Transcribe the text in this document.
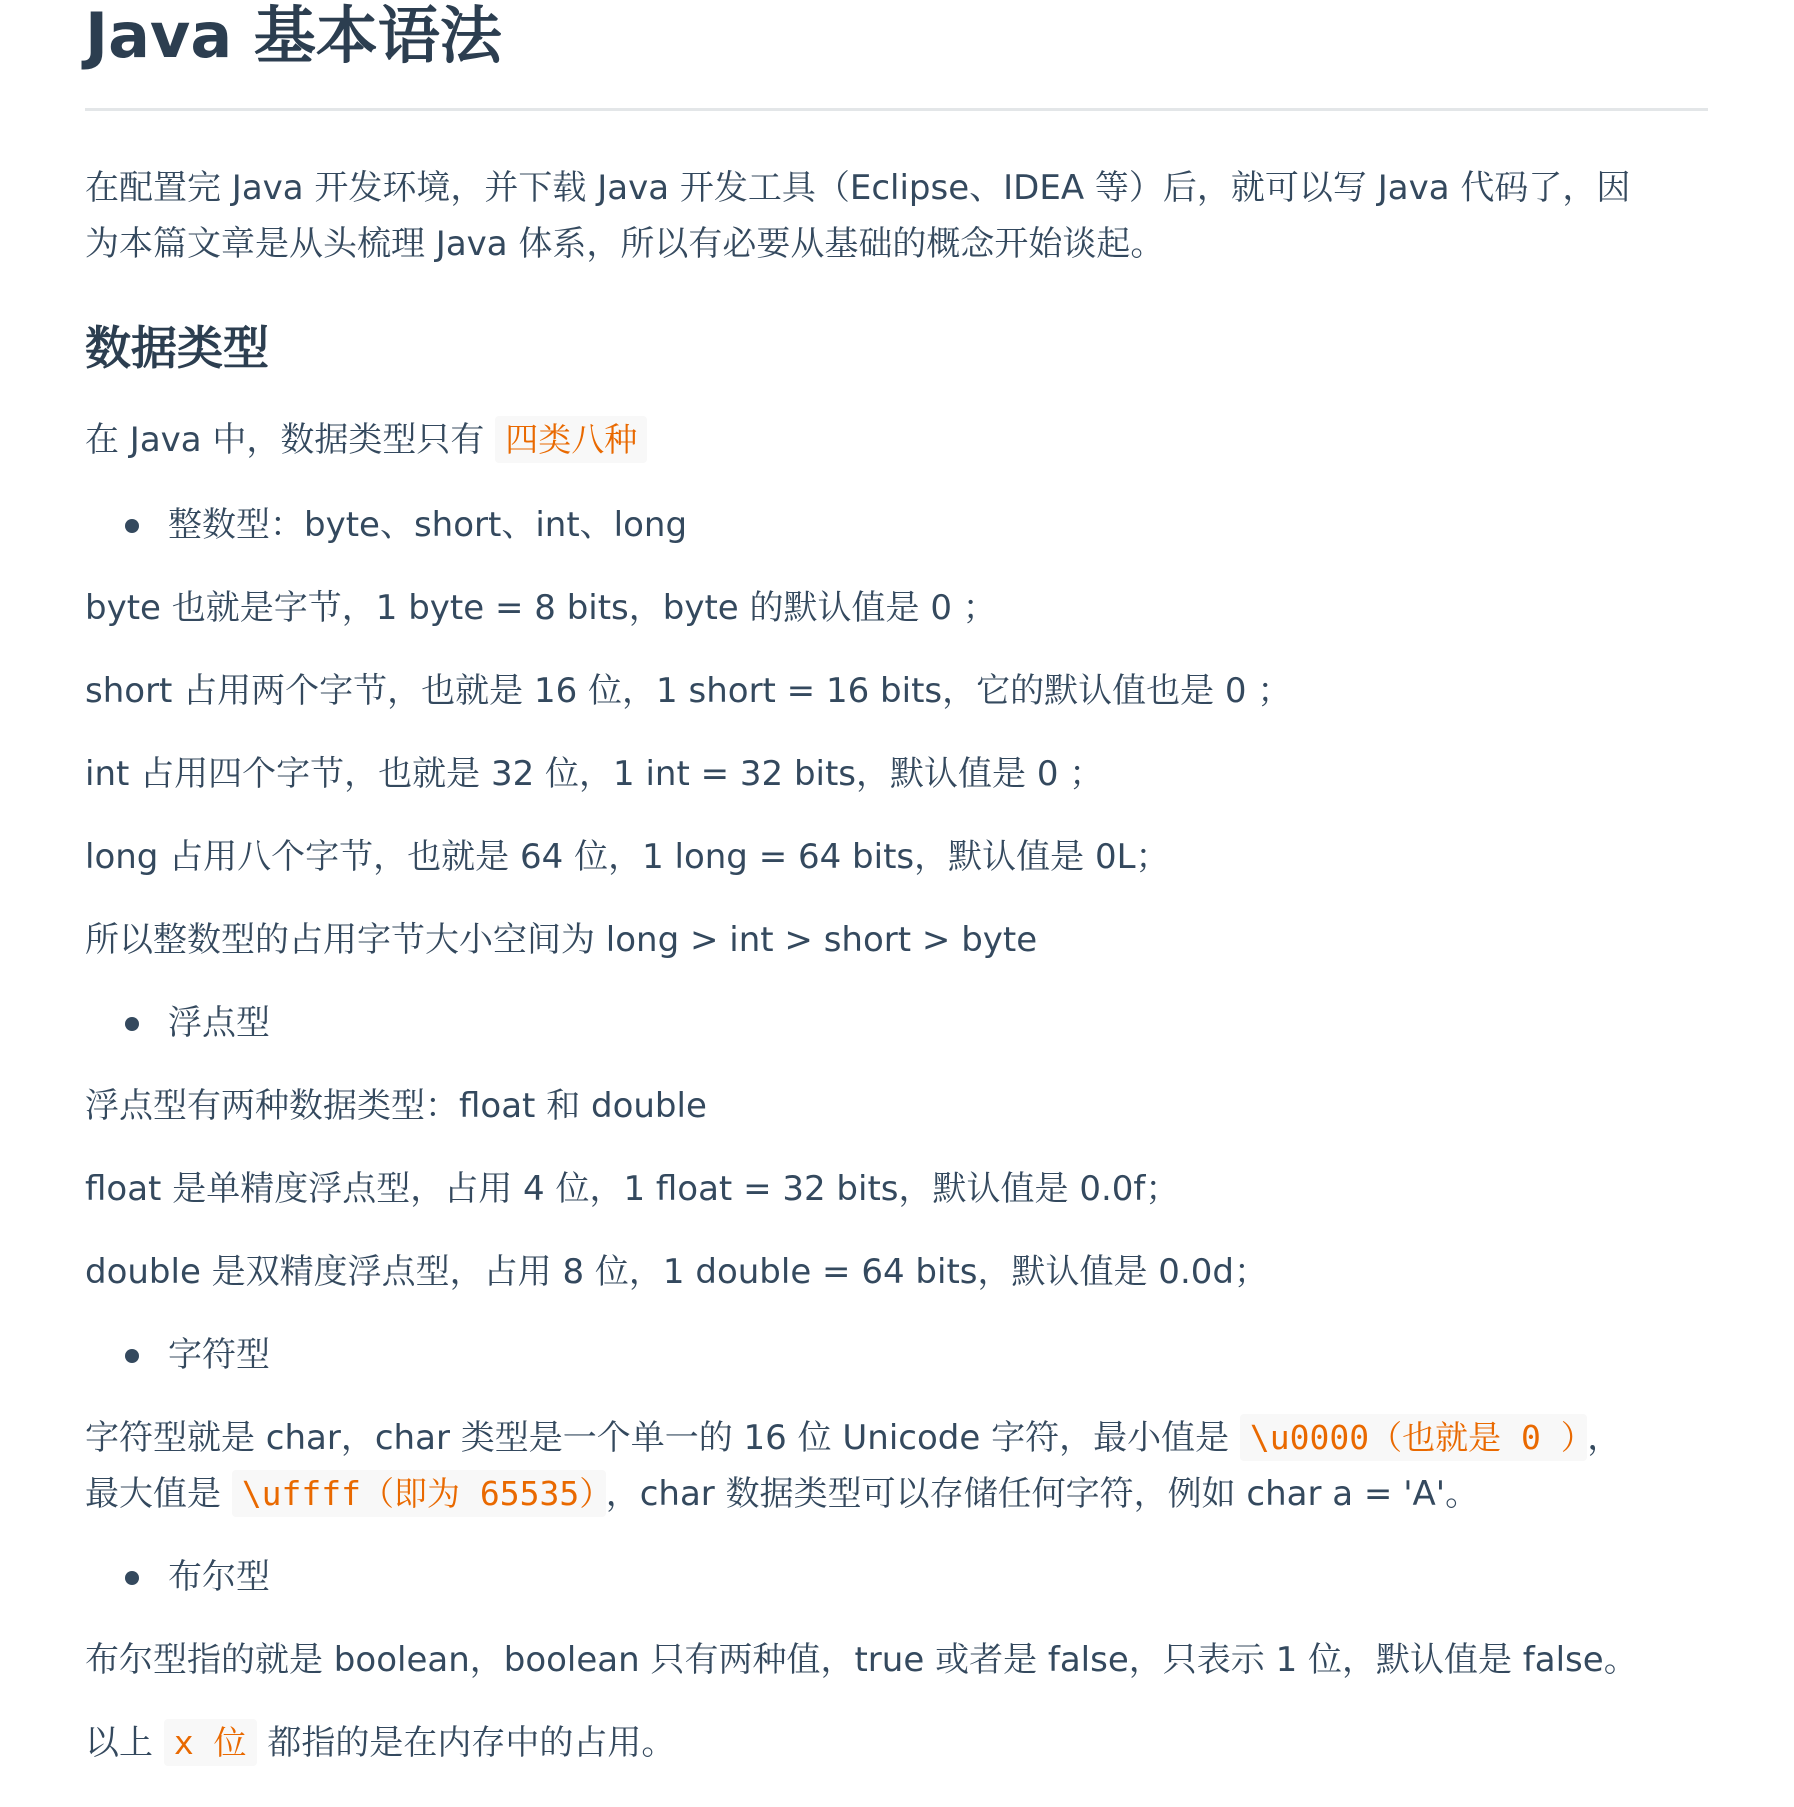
Java 基本语法

在配置完 Java 开发环境，并下载 Java 开发工具（Eclipse、IDEA 等）后，就可以写 Java 代码了，因

为本篇文章是从头梳理 Java 体系，所以有必要从基础的概念开始谈起。

数据类型

在 Java 中，数据类型只有 四类八种

整数型：byte、short、int、long

byte 也就是字节，1 byte = 8 bits，byte 的默认值是 0 ；

short 占用两个字节，也就是 16 位，1 short = 16 bits，它的默认值也是 0 ；

int 占用四个字节，也就是 32 位，1 int = 32 bits，默认值是 0 ；

long 占用八个字节，也就是 64 位，1 long = 64 bits，默认值是 0L；

所以整数型的占用字节大小空间为 long > int > short > byte

浮点型

浮点型有两种数据类型：float 和 double

float 是单精度浮点型，占用 4 位，1 float = 32 bits，默认值是 0.0f；

double 是双精度浮点型，占用 8 位，1 double = 64 bits，默认值是 0.0d；

字符型

字符型就是 char，char 类型是一个单一的 16 位 Unicode 字符，最小值是 \u0000（也就是 0 ） ，

最大值是 \uffff（即为 65535） ，char 数据类型可以存储任何字符，例如 char a = 'A'。

布尔型

布尔型指的就是 boolean，boolean 只有两种值，true 或者是 false，只表示 1 位，默认值是 false。

以上 x 位 都指的是在内存中的占用。
